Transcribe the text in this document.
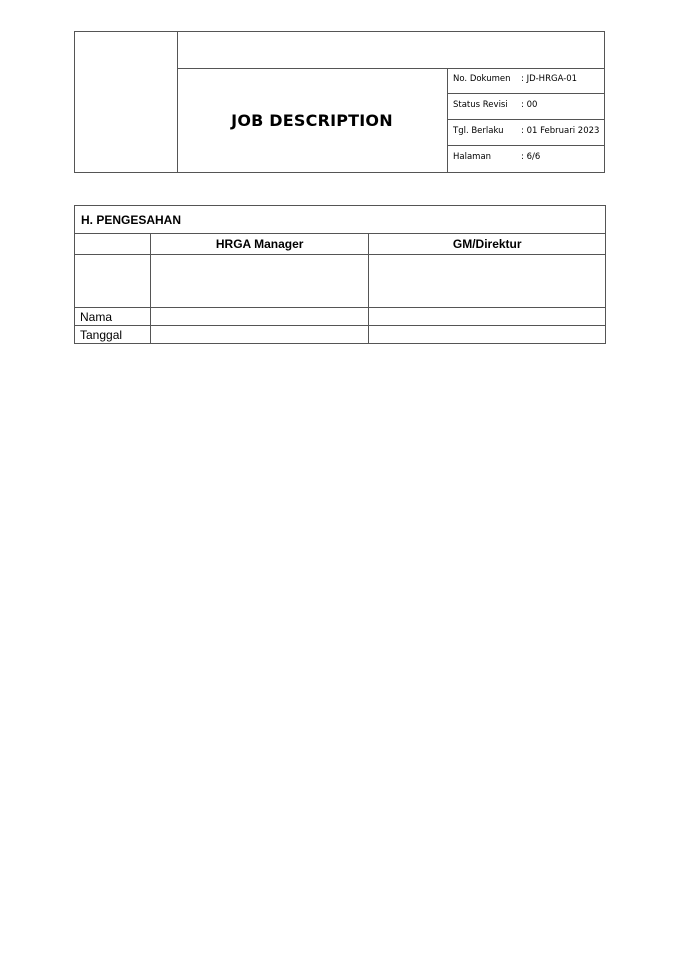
JOB DESCRIPTION
No. Dokumen : JD-HRGA-01
Status Revisi : 00
Tgl. Berlaku : 01 Februari 2023
Halaman	: 6/6
H. PENGESAHAN		
	HRGA Manager	GM/Direktur

Nama		
Tanggal		
